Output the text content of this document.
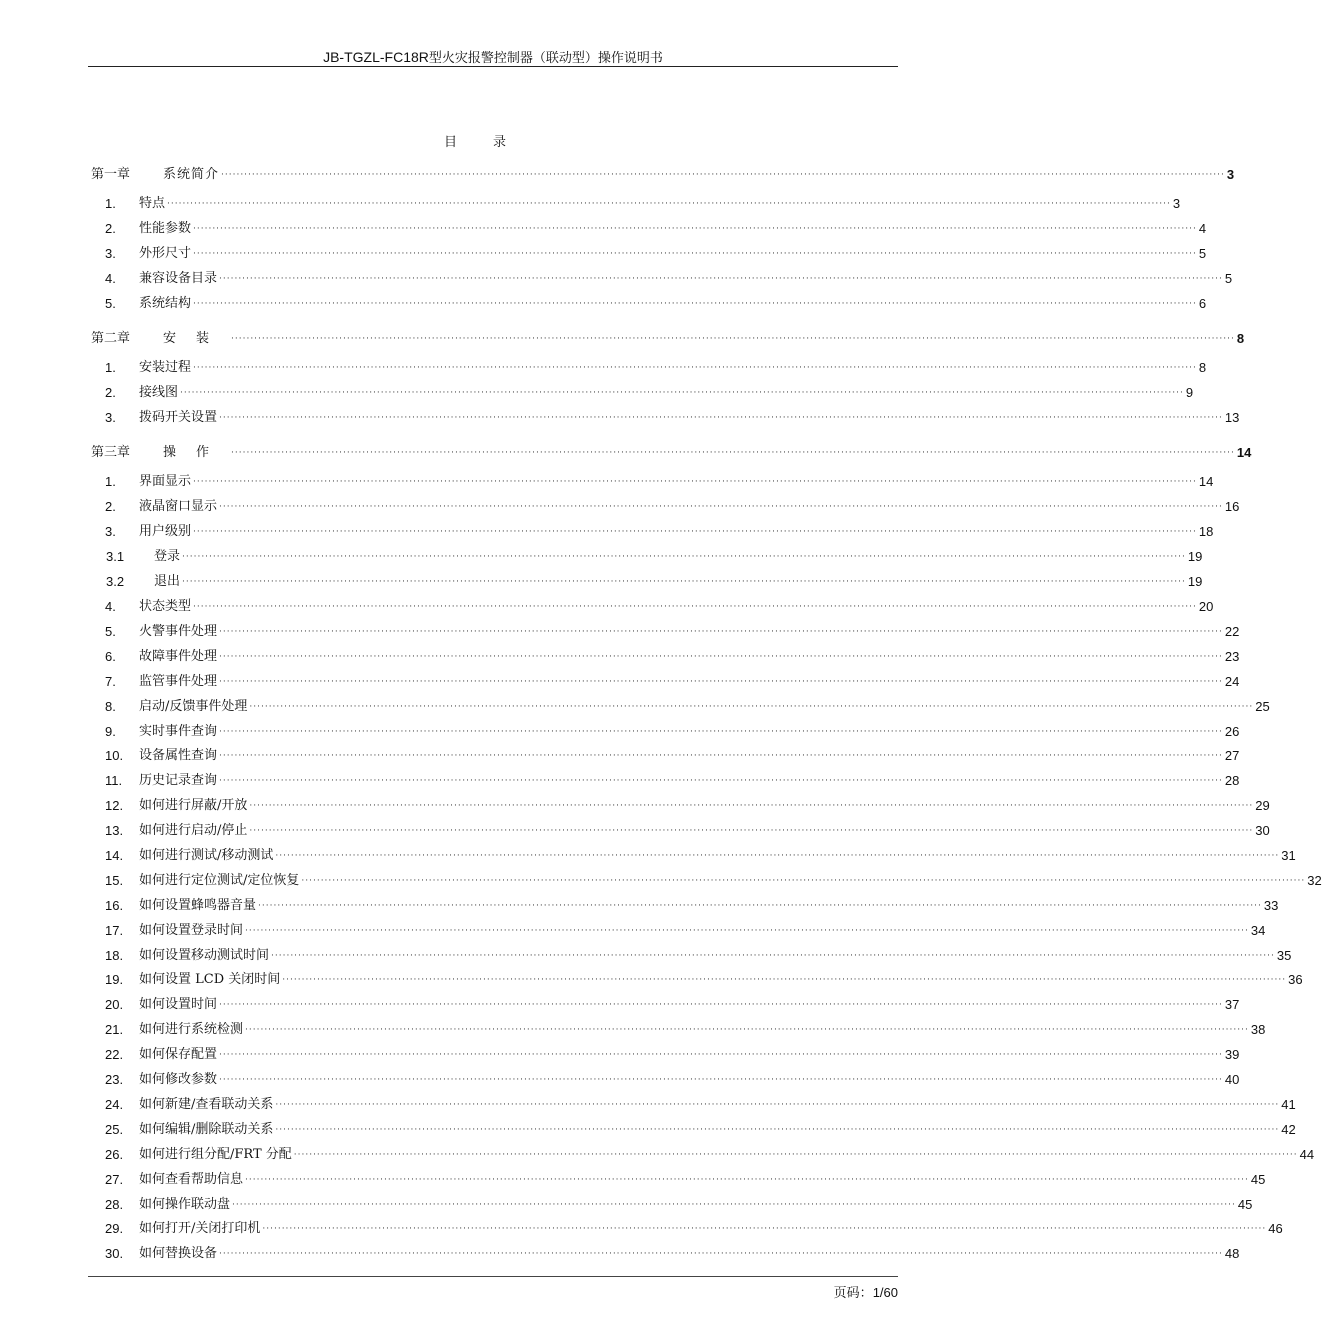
JB-TGZL-FC18R型火灾报警控制器（联动型）操作说明书
目录
第一章	系统简介 ···································································································································································································································································· 3
1.	特点 ···································································································································································································································································· 3
2.	性能参数 ···································································································································································································································································· 4
3.	外形尺寸 ···································································································································································································································································· 5
4.	兼容设备目录 ···································································································································································································································································· 5
5.	系统结构 ···································································································································································································································································· 6
第二章	安装 ···································································································································································································································································· 8
1.	安装过程 ···································································································································································································································································· 8
2.	接线图 ···································································································································································································································································· 9
3.	拨码开关设置 ···································································································································································································································································· 13
第三章	操作 ···································································································································································································································································· 14
1.	界面显示 ···································································································································································································································································· 14
2.	液晶窗口显示 ···································································································································································································································································· 16
3.	用户级别 ···································································································································································································································································· 18
3.1	登录 ···································································································································································································································································· 19
3.2	退出 ···································································································································································································································································· 19
4.	状态类型 ···································································································································································································································································· 20
5.	火警事件处理 ···································································································································································································································································· 22
6.	故障事件处理 ···································································································································································································································································· 23
7.	监管事件处理 ···································································································································································································································································· 24
8.	启动/反馈事件处理 ···································································································································································································································································· 25
9.	实时事件查询 ···································································································································································································································································· 26
10.	设备属性查询 ···································································································································································································································································· 27
11.	历史记录查询 ···································································································································································································································································· 28
12.	如何进行屏蔽/开放 ···································································································································································································································································· 29
13.	如何进行启动/停止 ···································································································································································································································································· 30
14.	如何进行测试/移动测试 ···································································································································································································································································· 31
15.	如何进行定位测试/定位恢复 ···································································································································································································································································· 32
16.	如何设置蜂鸣器音量 ···································································································································································································································································· 33
17.	如何设置登录时间 ···································································································································································································································································· 34
18.	如何设置移动测试时间 ···································································································································································································································································· 35
19.	如何设置 LCD 关闭时间 ···································································································································································································································································· 36
20.	如何设置时间 ···································································································································································································································································· 37
21.	如何进行系统检测 ···································································································································································································································································· 38
22.	如何保存配置 ···································································································································································································································································· 39
23.	如何修改参数 ···································································································································································································································································· 40
24.	如何新建/查看联动关系 ···································································································································································································································································· 41
25.	如何编辑/删除联动关系 ···································································································································································································································································· 42
26.	如何进行组分配/FRT 分配 ···································································································································································································································································· 44
27.	如何查看帮助信息 ···································································································································································································································································· 45
28.	如何操作联动盘 ···································································································································································································································································· 45
29.	如何打开/关闭打印机 ···································································································································································································································································· 46
30.	如何替换设备 ···································································································································································································································································· 48
页码：1/60
